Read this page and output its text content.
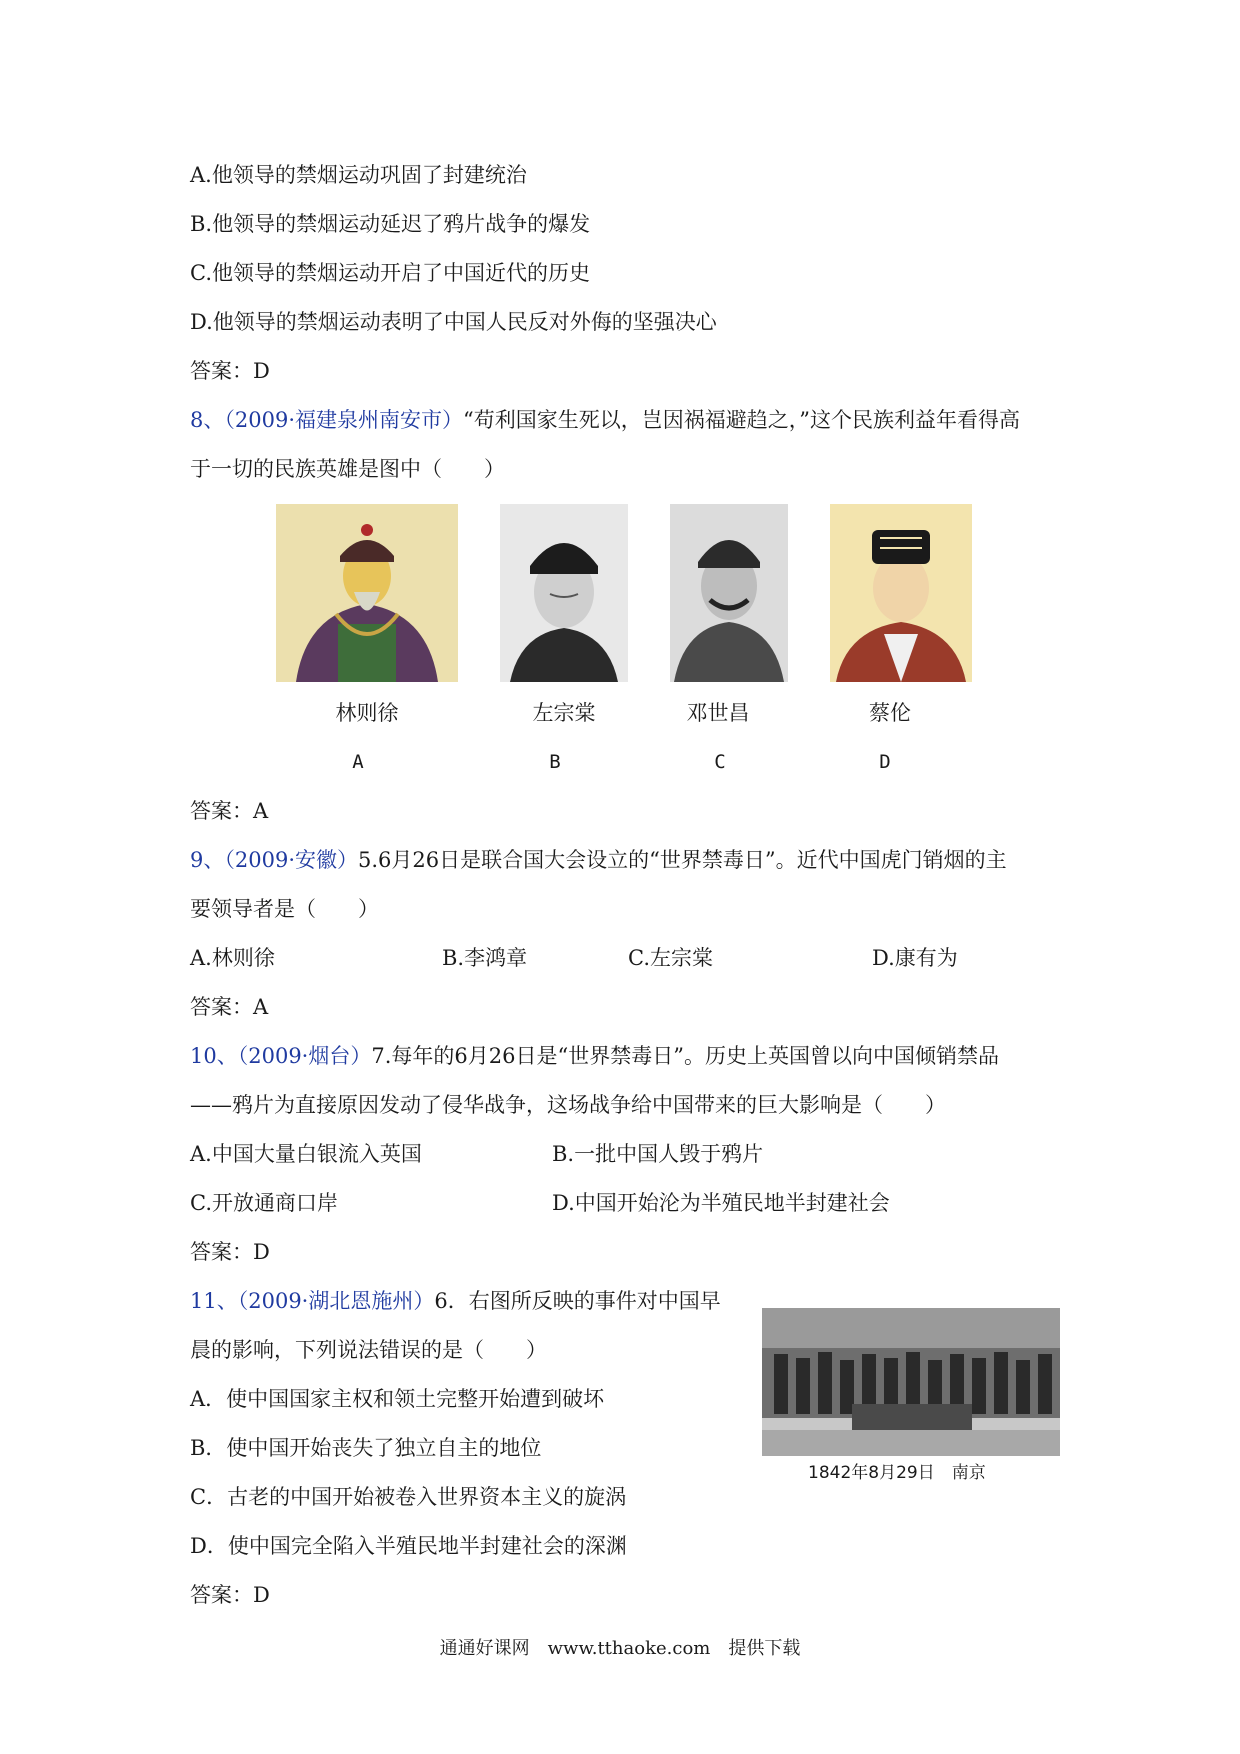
A.他领导的禁烟运动巩固了封建统治
B.他领导的禁烟运动延迟了鸦片战争的爆发
C.他领导的禁烟运动开启了中国近代的历史
D.他领导的禁烟运动表明了中国人民反对外侮的坚强决心
答案：D
8、（2009·福建泉州南安市）“苟利国家生死以，岂因祸福避趋之，”这个民族利益年看得高
于一切的民族英雄是图中（　　）
林则徐	左宗棠	邓世昌	蔡伦
A	B	C	D
答案：A
9、（2009·安徽）5.6月26日是联合国大会设立的“世界禁毒日”。近代中国虎门销烟的主
要领导者是（　　）
A.林则徐	B.李鸿章	C.左宗棠	D.康有为
答案：A
10、（2009·烟台）7.每年的6月26日是“世界禁毒日”。历史上英国曾以向中国倾销禁品
——鸦片为直接原因发动了侵华战争，这场战争给中国带来的巨大影响是（　　）
A.中国大量白银流入英国	B.一批中国人毁于鸦片
C.开放通商口岸	D.中国开始沦为半殖民地半封建社会
答案：D
11、（2009·湖北恩施州）6．右图所反映的事件对中国早
晨的影响，下列说法错误的是（　　）
A．使中国国家主权和领土完整开始遭到破坏
B．使中国开始丧失了独立自主的地位
C．古老的中国开始被卷入世界资本主义的旋涡
D．使中国完全陷入半殖民地半封建社会的深渊
答案：D
1842年8月29日　南京
通通好课网　www.tthaoke.com　提供下载
